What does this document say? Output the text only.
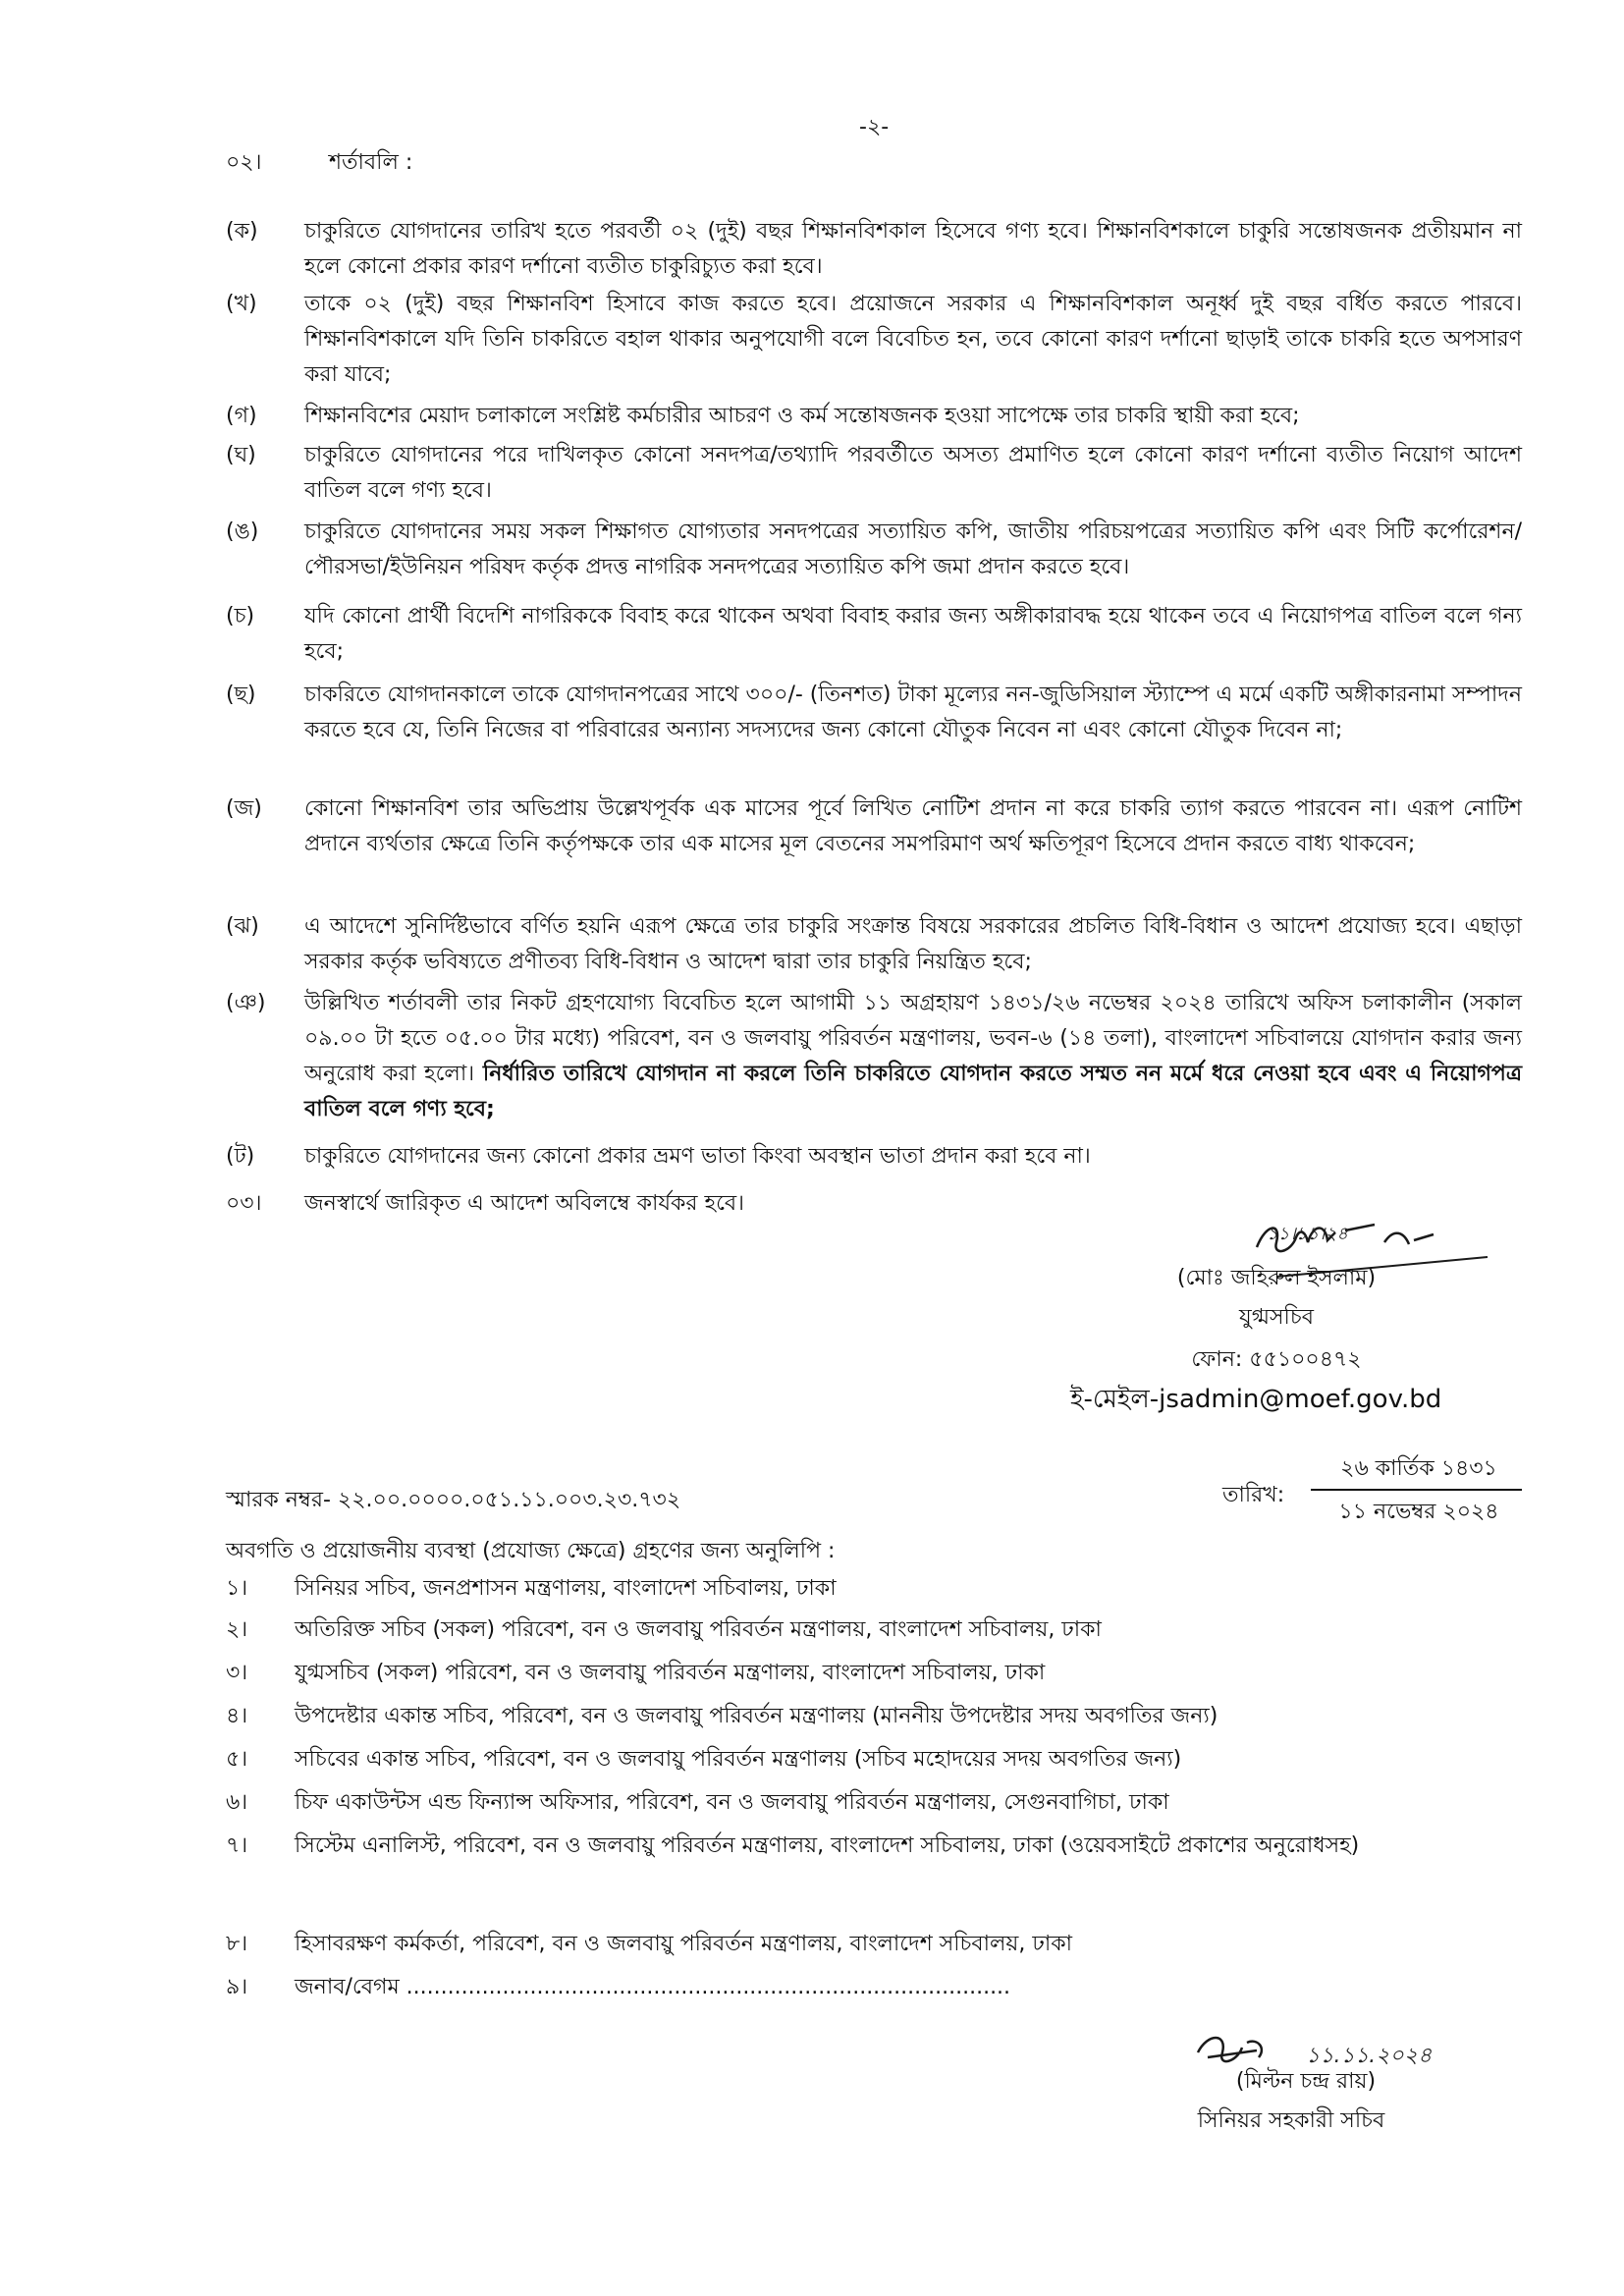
-২-
০২।	শর্তাবলি :
(ক)	চাকুরিতে যোগদানের তারিখ হতে পরবর্তী ০২ (দুই) বছর শিক্ষানবিশকাল হিসেবে গণ্য হবে। শিক্ষানবিশকালে চাকুরি সন্তোষজনক প্রতীয়মান না হলে কোনো প্রকার কারণ দর্শানো ব্যতীত চাকুরিচ্যুত করা হবে।
(খ)	তাকে ০২ (দুই) বছর শিক্ষানবিশ হিসাবে কাজ করতে হবে। প্রয়োজনে সরকার এ শিক্ষানবিশকাল অনূর্ধ্ব দুই বছর বর্ধিত করতে পারবে। শিক্ষানবিশকালে যদি তিনি চাকরিতে বহাল থাকার অনুপযোগী বলে বিবেচিত হন, তবে কোনো কারণ দর্শানো ছাড়াই তাকে চাকরি হতে অপসারণ করা যাবে;
(গ)	শিক্ষানবিশের মেয়াদ চলাকালে সংশ্লিষ্ট কর্মচারীর আচরণ ও কর্ম সন্তোষজনক হওয়া সাপেক্ষে তার চাকরি স্থায়ী করা হবে;
(ঘ)	চাকুরিতে যোগদানের পরে দাখিলকৃত কোনো সনদপত্র/তথ্যাদি পরবর্তীতে অসত্য প্রমাণিত হলে কোনো কারণ দর্শানো ব্যতীত নিয়োগ আদেশ বাতিল বলে গণ্য হবে।
(ঙ)	চাকুরিতে যোগদানের সময় সকল শিক্ষাগত যোগ্যতার সনদপত্রের সত্যায়িত কপি, জাতীয় পরিচয়পত্রের সত্যায়িত কপি এবং সিটি কর্পোরেশন/পৌরসভা/ইউনিয়ন পরিষদ কর্তৃক প্রদত্ত নাগরিক সনদপত্রের সত্যায়িত কপি জমা প্রদান করতে হবে।
(চ)	যদি কোনো প্রার্থী বিদেশি নাগরিককে বিবাহ করে থাকেন অথবা বিবাহ করার জন্য অঙ্গীকারাবদ্ধ হয়ে থাকেন তবে এ নিয়োগপত্র বাতিল বলে গন্য হবে;
(ছ)	চাকরিতে যোগদানকালে তাকে যোগদানপত্রের সাথে ৩০০/- (তিনশত) টাকা মূল্যের নন-জুডিসিয়াল স্ট্যাম্পে এ মর্মে একটি অঙ্গীকারনামা সম্পাদন করতে হবে যে, তিনি নিজের বা পরিবারের অন্যান্য সদস্যদের জন্য কোনো যৌতুক নিবেন না এবং কোনো যৌতুক দিবেন না;
(জ)	কোনো শিক্ষানবিশ তার অভিপ্রায় উল্লেখপূর্বক এক মাসের পূর্বে লিখিত নোটিশ প্রদান না করে চাকরি ত্যাগ করতে পারবেন না। এরূপ নোটিশ প্রদানে ব্যর্থতার ক্ষেত্রে তিনি কর্তৃপক্ষকে তার এক মাসের মূল বেতনের সমপরিমাণ অর্থ ক্ষতিপূরণ হিসেবে প্রদান করতে বাধ্য থাকবেন;
(ঝ)	এ আদেশে সুনির্দিষ্টভাবে বর্ণিত হয়নি এরূপ ক্ষেত্রে তার চাকুরি সংক্রান্ত বিষয়ে সরকারের প্রচলিত বিধি-বিধান ও আদেশ প্রযোজ্য হবে। এছাড়া সরকার কর্তৃক ভবিষ্যতে প্রণীতব্য বিধি-বিধান ও আদেশ দ্বারা তার চাকুরি নিয়ন্ত্রিত হবে;
(ঞ)	উল্লিখিত শর্তাবলী তার নিকট গ্রহণযোগ্য বিবেচিত হলে আগামী ১১ অগ্রহায়ণ ১৪৩১/২৬ নভেম্বর ২০২৪ তারিখে অফিস চলাকালীন (সকাল ০৯.০০ টা হতে ০৫.০০ টার মধ্যে) পরিবেশ, বন ও জলবায়ু পরিবর্তন মন্ত্রণালয়, ভবন-৬ (১৪ তলা), বাংলাদেশ সচিবালয়ে যোগদান করার জন্য অনুরোধ করা হলো। নির্ধারিত তারিখে যোগদান না করলে তিনি চাকরিতে যোগদান করতে সম্মত নন মর্মে ধরে নেওয়া হবে এবং এ নিয়োগপত্র বাতিল বলে গণ্য হবে;
(ট)	চাকুরিতে যোগদানের জন্য কোনো প্রকার ভ্রমণ ভাতা কিংবা অবস্থান ভাতা প্রদান করা হবে না।
০৩। জনস্বার্থে জারিকৃত এ আদেশ অবিলম্বে কার্যকর হবে।
১১।১১।২৪
(মোঃ জহিরুল ইসলাম)
যুগ্মসচিব
ফোন: ৫৫১০০৪৭২
ই-মেইল-jsadmin@moef.gov.bd
স্মারক নম্বর- ২২.০০.০০০০.০৫১.১১.০০৩.২৩.৭৩২	তারিখ:
২৬ কার্তিক ১৪৩১
১১ নভেম্বর ২০২৪
অবগতি ও প্রয়োজনীয় ব্যবস্থা (প্রযোজ্য ক্ষেত্রে) গ্রহণের জন্য অনুলিপি :
১।	সিনিয়র সচিব, জনপ্রশাসন মন্ত্রণালয়, বাংলাদেশ সচিবালয়, ঢাকা
২।	অতিরিক্ত সচিব (সকল) পরিবেশ, বন ও জলবায়ু পরিবর্তন মন্ত্রণালয়, বাংলাদেশ সচিবালয়, ঢাকা
৩।	যুগ্মসচিব (সকল) পরিবেশ, বন ও জলবায়ু পরিবর্তন মন্ত্রণালয়, বাংলাদেশ সচিবালয়, ঢাকা
৪।	উপদেষ্টার একান্ত সচিব, পরিবেশ, বন ও জলবায়ু পরিবর্তন মন্ত্রণালয় (মাননীয় উপদেষ্টার সদয় অবগতির জন্য)
৫।	সচিবের একান্ত সচিব, পরিবেশ, বন ও জলবায়ু পরিবর্তন মন্ত্রণালয় (সচিব মহোদয়ের সদয় অবগতির জন্য)
৬।	চিফ একাউন্টস এন্ড ফিন্যান্স অফিসার, পরিবেশ, বন ও জলবায়ু পরিবর্তন মন্ত্রণালয়, সেগুনবাগিচা, ঢাকা
৭।	সিস্টেম এনালিস্ট, পরিবেশ, বন ও জলবায়ু পরিবর্তন মন্ত্রণালয়, বাংলাদেশ সচিবালয়, ঢাকা (ওয়েবসাইটে প্রকাশের অনুরোধসহ)
৮।	হিসাবরক্ষণ কর্মকর্তা, পরিবেশ, বন ও জলবায়ু পরিবর্তন মন্ত্রণালয়, বাংলাদেশ সচিবালয়, ঢাকা
৯।	জনাব/বেগম ........................................................................................
১১.১১.২০২৪
(মিল্টন চন্দ্র রায়)
সিনিয়র সহকারী সচিব
